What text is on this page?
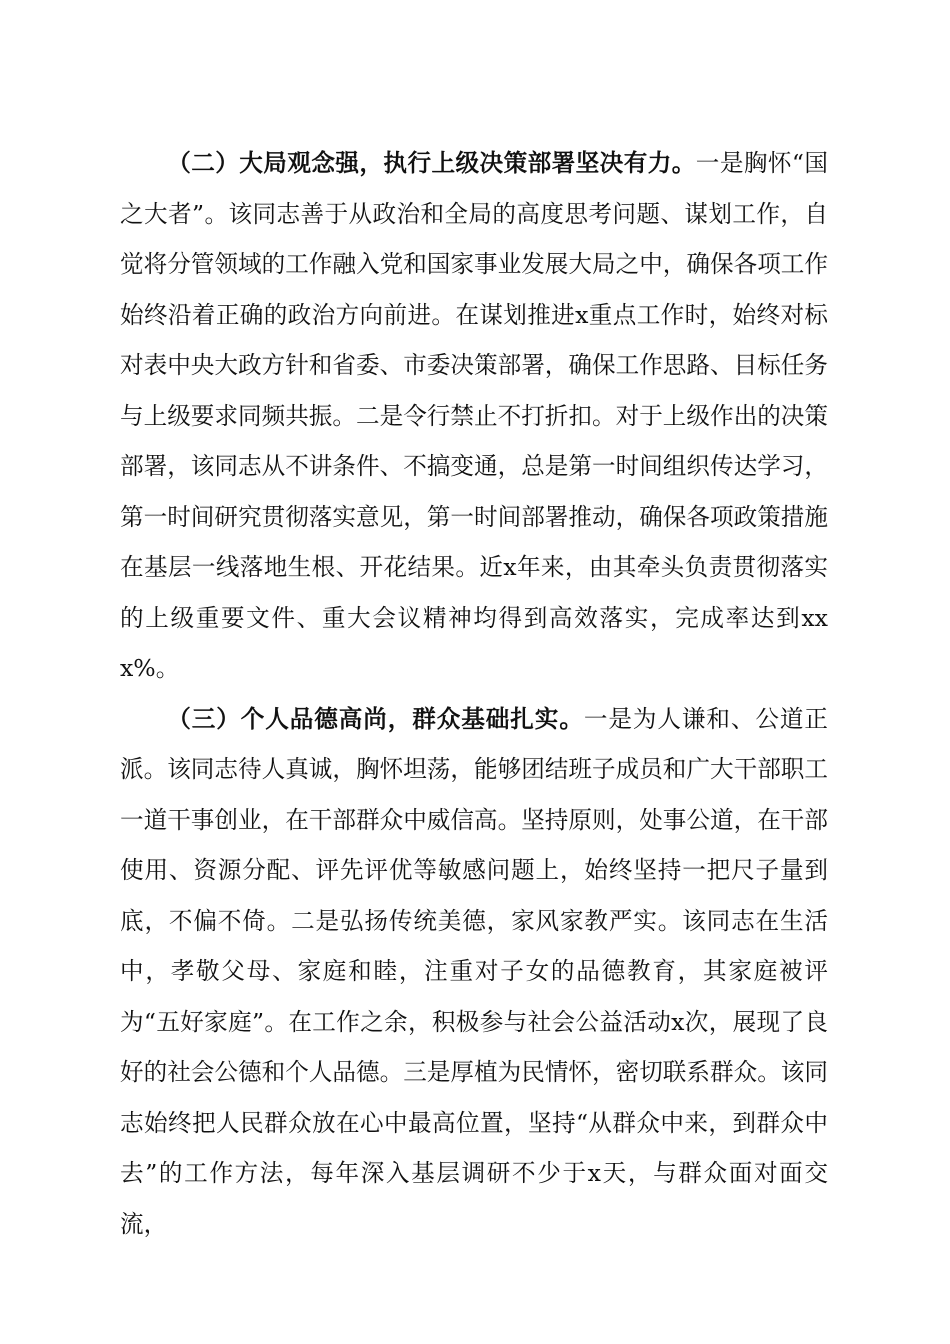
（二）大局观念强，执行上级决策部署坚决有力。一是胸怀“国之大者”。该同志善于从政治和全局的高度思考问题、谋划工作，自觉将分管领域的工作融入党和国家事业发展大局之中，确保各项工作始终沿着正确的政治方向前进。在谋划推进x重点工作时，始终对标对表中央大政方针和省委、市委决策部署，确保工作思路、目标任务与上级要求同频共振。二是令行禁止不打折扣。对于上级作出的决策部署，该同志从不讲条件、不搞变通，总是第一时间组织传达学习，第一时间研究贯彻落实意见，第一时间部署推动，确保各项政策措施在基层一线落地生根、开花结果。近x年来，由其牵头负责贯彻落实的上级重要文件、重大会议精神均得到高效落实，完成率达到xxx%。

（三）个人品德高尚，群众基础扎实。一是为人谦和、公道正派。该同志待人真诚，胸怀坦荡，能够团结班子成员和广大干部职工一道干事创业，在干部群众中威信高。坚持原则，处事公道，在干部使用、资源分配、评先评优等敏感问题上，始终坚持一把尺子量到底，不偏不倚。二是弘扬传统美德，家风家教严实。该同志在生活中，孝敬父母、家庭和睦，注重对子女的品德教育，其家庭被评为“五好家庭”。在工作之余，积极参与社会公益活动x次，展现了良好的社会公德和个人品德。三是厚植为民情怀，密切联系群众。该同志始终把人民群众放在心中最高位置，坚持“从群众中来，到群众中去”的工作方法，每年深入基层调研不少于x天，与群众面对面交流，
